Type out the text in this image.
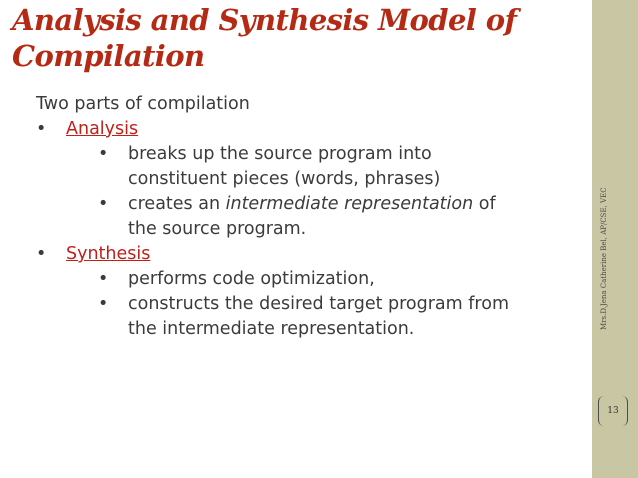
Analysis and Synthesis Model of
Compilation
Two parts of compilation
• Analysis
• breaks up the source program into
constituent pieces (words, phrases)
• creates an intermediate representation of
the source program.
• Synthesis
• performs code optimization,
• constructs the desired target program from
the intermediate representation.	Mrs.D.Jena Catherine Bel, AP/CSE, VEC
13
